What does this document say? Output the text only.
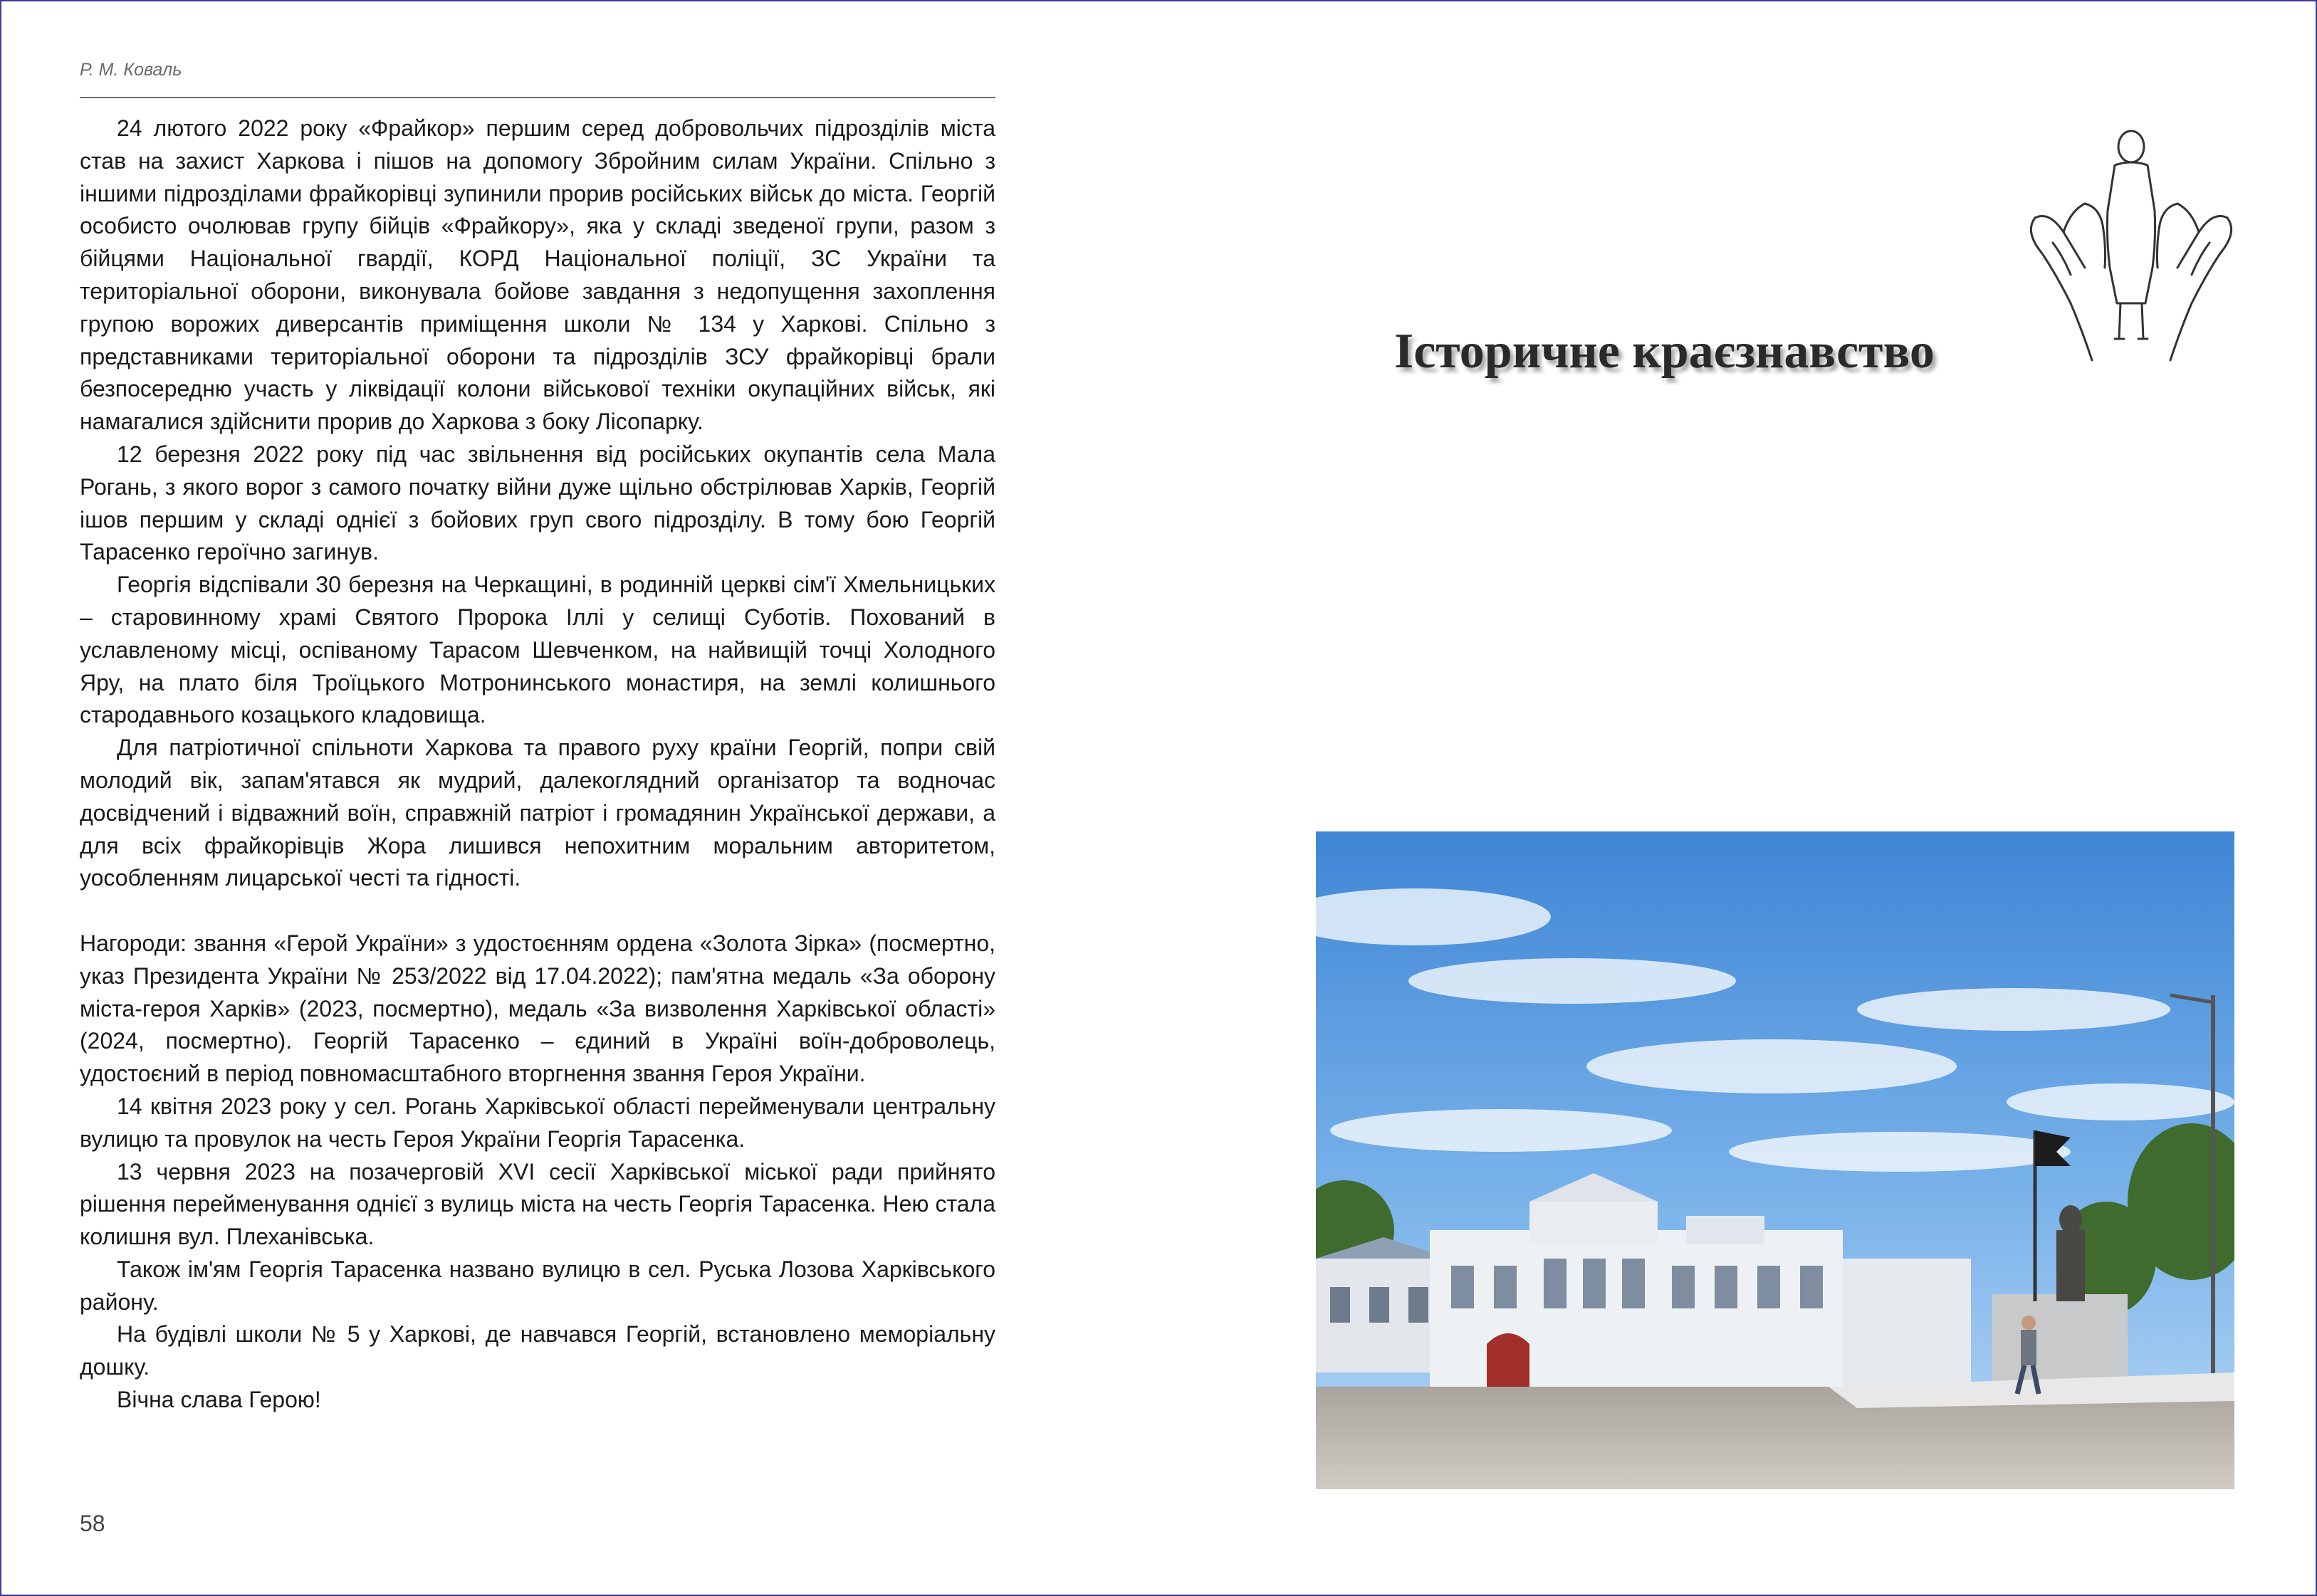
Р. М. Коваль

24 лютого 2022 року «Фрайкор» першим серед добровольчих підрозділів міста став на захист Харкова і пішов на допомогу Збройним силам України. Спільно з іншими підрозділами фрайкорівці зупинили прорив російських військ до міста. Георгій особисто очолював групу бійців «Фрайкору», яка у складі зведеної групи, разом з бійцями Національної гвардії, КОРД Національної поліції, ЗС України та територіальної оборони, виконувала бойове завдання з недопущення захоплення групою ворожих диверсантів приміщення школи № 134 у Харкові. Спільно з представниками територіальної оборони та підрозділів ЗСУ фрайкорівці брали безпосередню участь у ліквідації колони військової техніки окупаційних військ, які намагалися здійснити прорив до Харкова з боку Лісопарку.

12 березня 2022 року під час звільнення від російських окупантів села Мала Рогань, з якого ворог з самого початку війни дуже щільно обстрілював Харків, Георгій ішов першим у складі однієї з бойових груп свого підрозділу. В тому бою Георгій Тарасенко героїчно загинув.

Георгія відспівали 30 березня на Черкащині, в родинній церкві сім'ї Хмельницьких – старовинному храмі Святого Пророка Іллі у селищі Суботів. Похований в уславленому місці, оспіваному Тарасом Шевченком, на найвищій точці Холодного Яру, на плато біля Троїцького Мотронинського монастиря, на землі колишнього стародавнього козацького кладовища.

Для патріотичної спільноти Харкова та правого руху країни Георгій, попри свій молодий вік, запам'ятався як мудрий, далекоглядний організатор та водночас досвідчений і відважний воїн, справжній патріот і громадянин Української держави, а для всіх фрайкорівців Жора лишився непохитним моральним авторитетом, уособленням лицарської честі та гідності.

Нагороди: звання «Герой України» з удостоєнням ордена «Золота Зірка» (посмертно, указ Президента України № 253/2022 від 17.04.2022); пам'ятна медаль «За оборону міста-героя Харків» (2023, посмертно), медаль «За визволення Харківської області» (2024, посмертно). Георгій Тарасенко – єдиний в Україні воїн-доброволець, удостоєний в період повномасштабного вторгнення звання Героя України.

14 квітня 2023 року у сел. Рогань Харківської області перейменували центральну вулицю та провулок на честь Героя України Георгія Тарасенка.

13 червня 2023 на позачерговій XVI сесії Харківської міської ради прийнято рішення перейменування однієї з вулиць міста на честь Георгія Тарасенка. Нею стала колишня вул. Плеханівська.

Також ім'ям Георгія Тарасенка названо вулицю в сел. Руська Лозова Харківського району.

На будівлі школи № 5 у Харкові, де навчався Георгій, встановлено меморіальну дошку.

Вічна слава Герою!

58
Історичне краєзнавство
